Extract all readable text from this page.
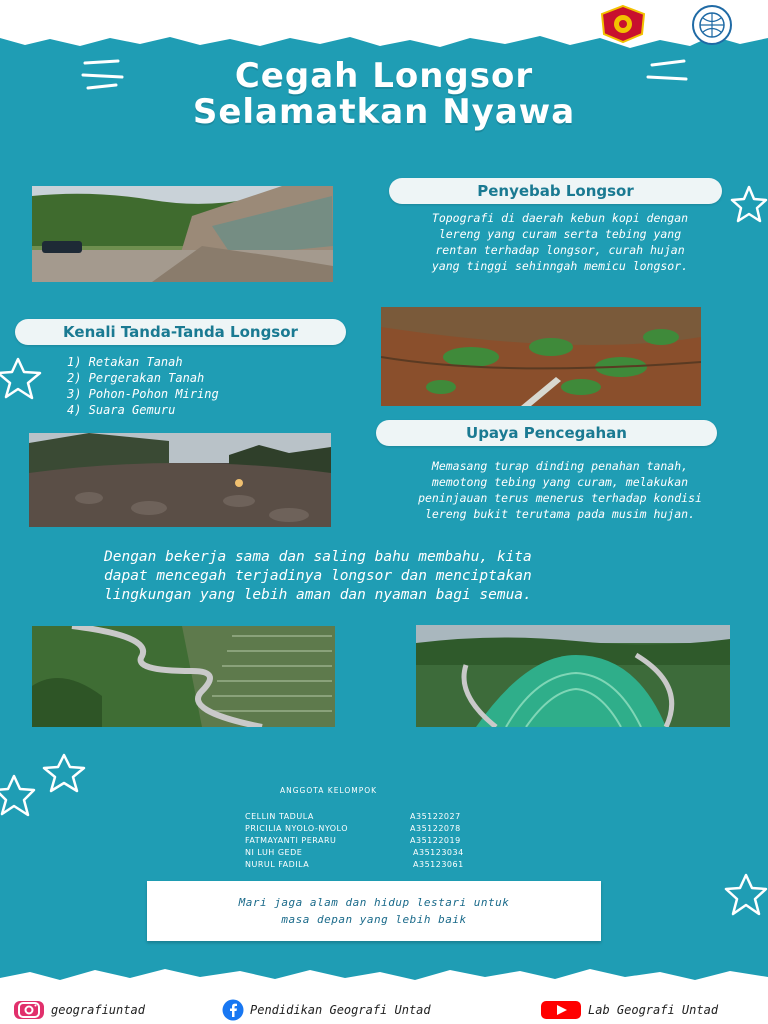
Cegah Longsor
Selamatkan Nyawa
Penyebab Longsor
Topografi di daerah kebun kopi dengan
lereng yang curam serta tebing yang
rentan terhadap longsor, curah hujan
yang tinggi sehinngah memicu longsor.
Kenali Tanda-Tanda Longsor
1) Retakan Tanah
2) Pergerakan Tanah
3) Pohon-Pohon Miring
4) Suara Gemuru
Upaya Pencegahan
Memasang turap dinding penahan tanah,
memotong tebing yang curam, melakukan
peninjauan terus menerus terhadap kondisi
lereng bukit terutama pada musim hujan.
Dengan bekerja sama dan saling bahu membahu, kita
dapat mencegah terjadinya longsor dan menciptakan
lingkungan yang lebih aman dan nyaman bagi semua.
ANGGOTA KELOMPOK
CELLIN TADULA	A35122027
PRICILIA NYOLO-NYOLO	A35122078
FATMAYANTI PERARU	A35122019
NI LUH GEDE	A35123034
NURUL FADILA	A35123061
Mari jaga alam dan hidup lestari untuk
masa depan yang lebih baik
geografiuntad	Pendidikan Geografi Untad	Lab Geografi Untad
